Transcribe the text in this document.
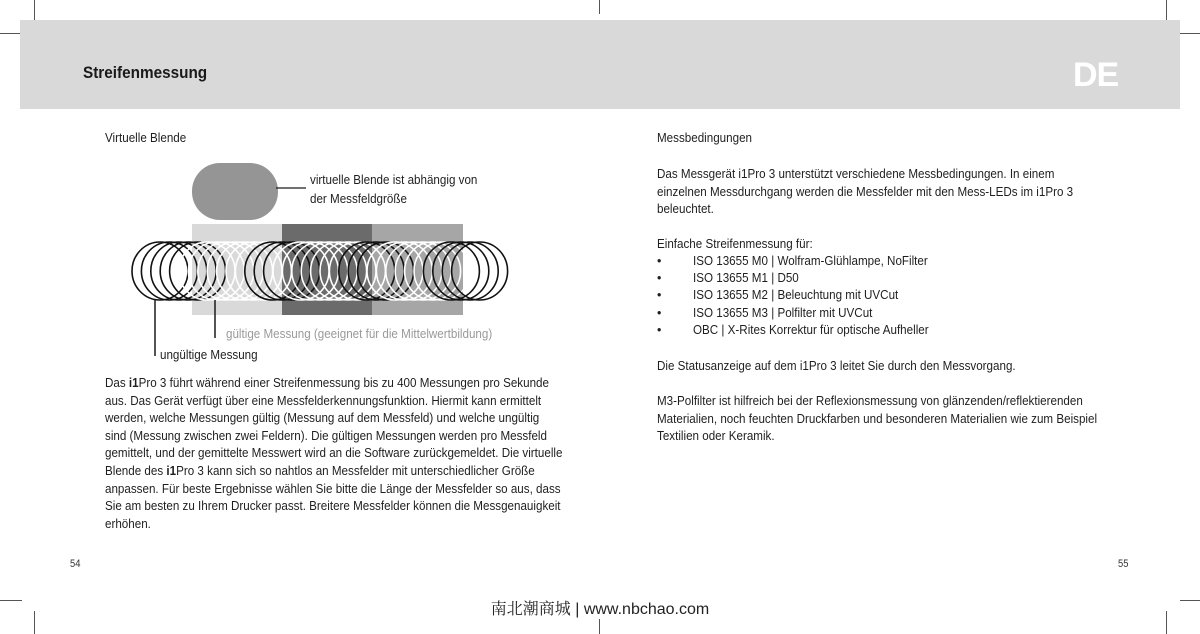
Streifenmessung	DE
Virtuelle Blende
virtuelle Blende ist abhängig von
der Messfeldgröße
gültige Messung (geeignet für die Mittelwertbildung)
ungültige Messung
Das i1Pro 3 führt während einer Streifenmessung bis zu 400 Messungen pro Sekunde
aus. Das Gerät verfügt über eine Messfelderkennungsfunktion. Hiermit kann ermittelt
werden, welche Messungen gültig (Messung auf dem Messfeld) und welche ungültig
sind (Messung zwischen zwei Feldern). Die gültigen Messungen werden pro Messfeld
gemittelt, und der gemittelte Messwert wird an die Software zurückgemeldet. Die virtuelle
Blende des i1Pro 3 kann sich so nahtlos an Messfelder mit unterschiedlicher Größe
anpassen. Für beste Ergebnisse wählen Sie bitte die Länge der Messfelder so aus, dass
Sie am besten zu Ihrem Drucker passt. Breitere Messfelder können die Messgenauigkeit
erhöhen.
54
Messbedingungen
Das Messgerät i1Pro 3 unterstützt verschiedene Messbedingungen. In einem
einzelnen Messdurchgang werden die Messfelder mit den Mess-LEDs im i1Pro 3
beleuchtet.
Einfache Streifenmessung für:
•	ISO 13655 M0 | Wolfram-Glühlampe, NoFilter
•	ISO 13655 M1 | D50
•	ISO 13655 M2 | Beleuchtung mit UVCut
•	ISO 13655 M3 | Polfilter mit UVCut
•	OBC | X-Rites Korrektur für optische Aufheller
Die Statusanzeige auf dem i1Pro 3 leitet Sie durch den Messvorgang.
M3-Polfilter ist hilfreich bei der Reflexionsmessung von glänzenden/reflektierenden
Materialien, noch feuchten Druckfarben und besonderen Materialien wie zum Beispiel
Textilien oder Keramik.
55
南北潮商城 | www.nbchao.com
